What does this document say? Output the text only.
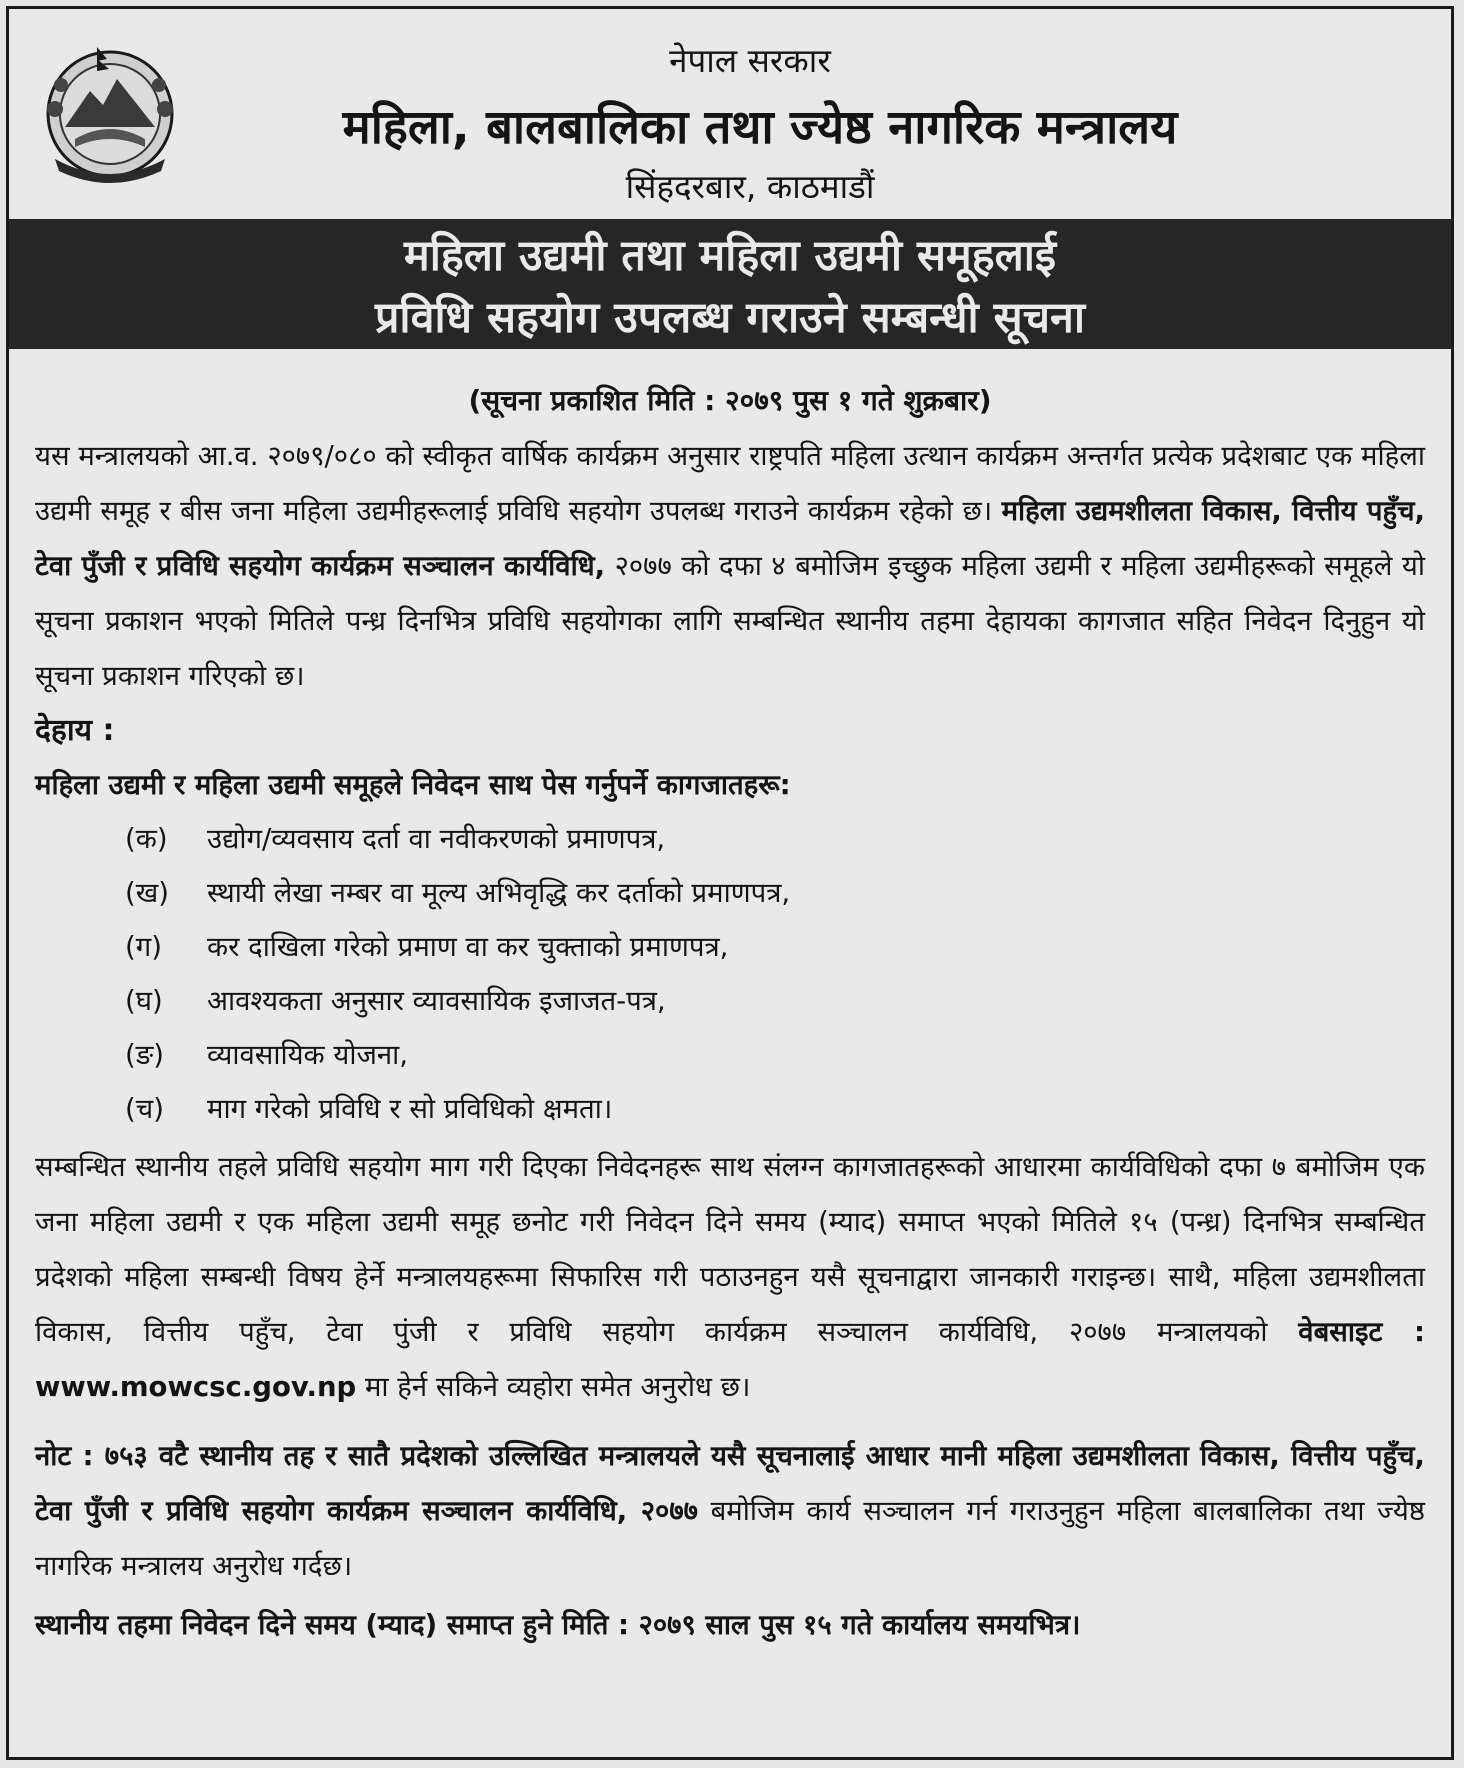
नेपाल सरकार
महिला, बालबालिका तथा ज्येष्ठ नागरिक मन्त्रालय
सिंहदरबार, काठमाडौं
महिला उद्यमी तथा महिला उद्यमी समूहलाई
प्रविधि सहयोग उपलब्ध गराउने सम्बन्धी सूचना
(सूचना प्रकाशित मिति : २०७९ पुस १ गते शुक्रबार)

यस मन्त्रालयको आ.व. २०७९/०८० को स्वीकृत वार्षिक कार्यक्रम अनुसार राष्ट्रपति महिला उत्थान कार्यक्रम अन्तर्गत प्रत्येक प्रदेशबाट एक महिला उद्यमी समूह र बीस जना महिला उद्यमीहरूलाई प्रविधि सहयोग उपलब्ध गराउने कार्यक्रम रहेको छ। महिला उद्यमशीलता विकास, वित्तीय पहुँच, टेवा पुँजी र प्रविधि सहयोग कार्यक्रम सञ्चालन कार्यविधि, २०७७ को दफा ४ बमोजिम इच्छुक महिला उद्यमी र महिला उद्यमीहरूको समूहले यो सूचना प्रकाशन भएको मितिले पन्ध्र दिनभित्र प्रविधि सहयोगका लागि सम्बन्धित स्थानीय तहमा देहायका कागजात सहित निवेदन दिनुहुन यो सूचना प्रकाशन गरिएको छ।

देहाय :
महिला उद्यमी र महिला उद्यमी समूहले निवेदन साथ पेस गर्नुपर्ने कागजातहरू:
(क)	उद्योग/व्यवसाय दर्ता वा नवीकरणको प्रमाणपत्र,
(ख)	स्थायी लेखा नम्बर वा मूल्य अभिवृद्धि कर दर्ताको प्रमाणपत्र,
(ग)	कर दाखिला गरेको प्रमाण वा कर चुक्ताको प्रमाणपत्र,
(घ)	आवश्यकता अनुसार व्यावसायिक इजाजत-पत्र,
(ङ)	व्यावसायिक योजना,
(च)	माग गरेको प्रविधि र सो प्रविधिको क्षमता।

सम्बन्धित स्थानीय तहले प्रविधि सहयोग माग गरी दिएका निवेदनहरू साथ संलग्न कागजातहरूको आधारमा कार्यविधिको दफा ७ बमोजिम एक जना महिला उद्यमी र एक महिला उद्यमी समूह छनोट गरी निवेदन दिने समय (म्याद) समाप्त भएको मितिले १५ (पन्ध्र) दिनभित्र सम्बन्धित प्रदेशको महिला सम्बन्धी विषय हेर्ने मन्त्रालयहरूमा सिफारिस गरी पठाउनहुन यसै सूचनाद्वारा जानकारी गराइन्छ। साथै, महिला उद्यमशीलता विकास, वित्तीय पहुँच, टेवा पुंजी र प्रविधि सहयोग कार्यक्रम सञ्चालन कार्यविधि, २०७७ मन्त्रालयको वेबसाइट : www.mowcsc.gov.np मा हेर्न सकिने व्यहोरा समेत अनुरोध छ।

नोट : ७५३ वटै स्थानीय तह र सातै प्रदेशको उल्लिखित मन्त्रालयले यसै सूचनालाई आधार मानी महिला उद्यमशीलता विकास, वित्तीय पहुँच, टेवा पुँजी र प्रविधि सहयोग कार्यक्रम सञ्चालन कार्यविधि, २०७७ बमोजिम कार्य सञ्चालन गर्न गराउनुहुन महिला बालबालिका तथा ज्येष्ठ नागरिक मन्त्रालय अनुरोध गर्दछ।

स्थानीय तहमा निवेदन दिने समय (म्याद) समाप्त हुने मिति : २०७९ साल पुस १५ गते कार्यालय समयभित्र।
